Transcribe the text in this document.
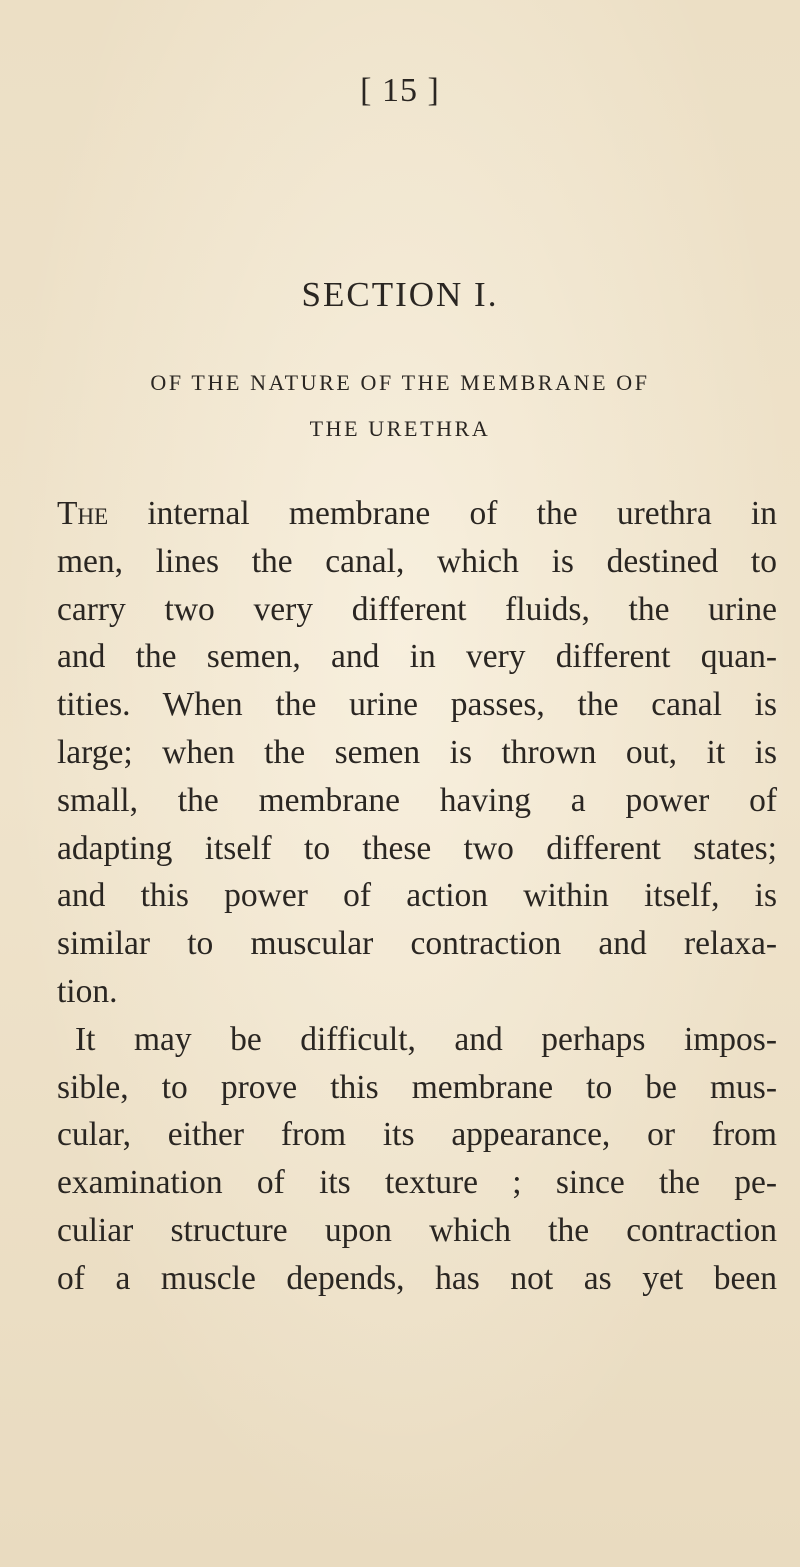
[ 15 ]
SECTION I.
OF THE NATURE OF THE MEMBRANE OF
THE URETHRA
The internal membrane of the urethra in
men, lines the canal, which is destined to
carry two very different fluids, the urine
and the semen, and in very different quan-
tities. When the urine passes, the canal is
large; when the semen is thrown out, it is
small, the membrane having a power of
adapting itself to these two different states;
and this power of action within itself, is
similar to muscular contraction and relaxa-
tion.
It may be difficult, and perhaps impos-
sible, to prove this membrane to be mus-
cular, either from its appearance, or from
examination of its texture ; since the pe-
culiar structure upon which the contraction
of a muscle depends, has not as yet been
